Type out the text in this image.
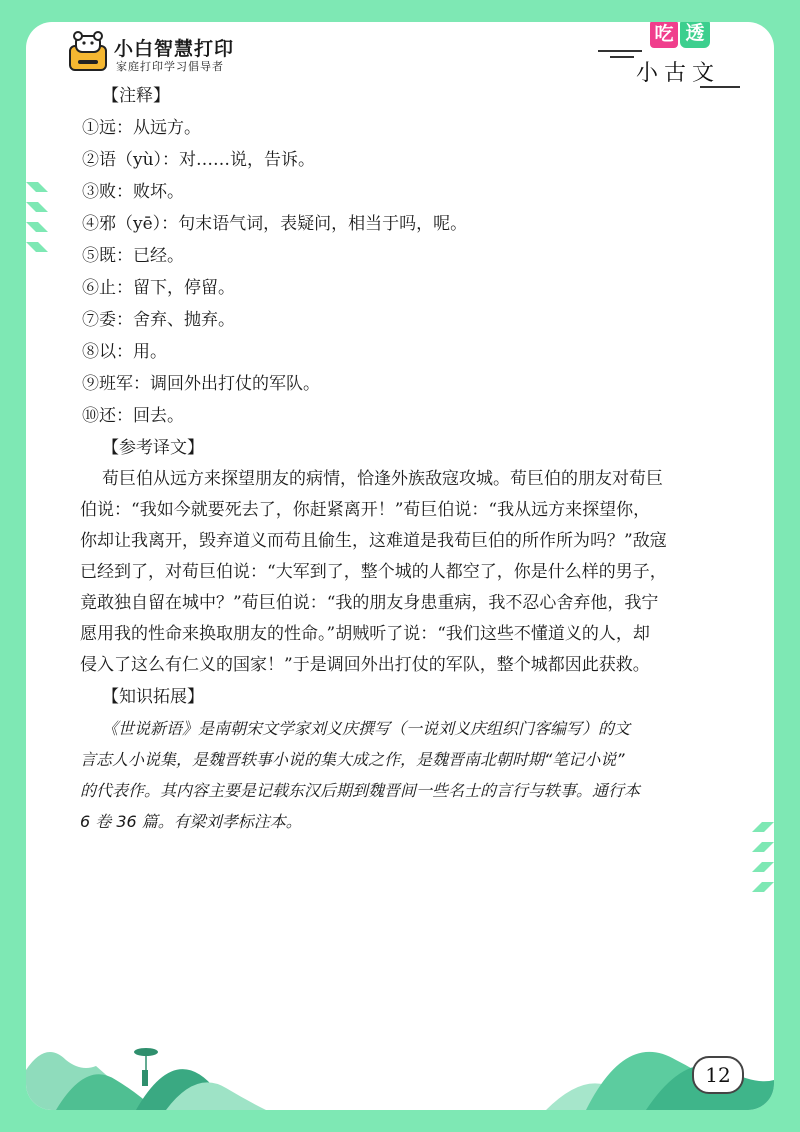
小白智慧打印
家庭打印学习倡导者
吃 透
小古文
【注释】
①远：从远方。
②语（yù）：对……说，告诉。
③败：败坏。
④邪（yē）：句末语气词，表疑问，相当于吗，呢。
⑤既：已经。
⑥止：留下，停留。
⑦委：舍弃、抛弃。
⑧以：用。
⑨班军：调回外出打仗的军队。
⑩还：回去。
【参考译文】
荀巨伯从远方来探望朋友的病情，恰逢外族敌寇攻城。荀巨伯的朋友对荀巨
伯说：“我如今就要死去了，你赶紧离开！”荀巨伯说：“我从远方来探望你，
你却让我离开，毁弃道义而苟且偷生，这难道是我荀巨伯的所作所为吗？”敌寇
已经到了，对荀巨伯说：“大军到了，整个城的人都空了，你是什么样的男子，
竟敢独自留在城中？”荀巨伯说：“我的朋友身患重病，我不忍心舍弃他，我宁
愿用我的性命来换取朋友的性命。”胡贼听了说：“我们这些不懂道义的人，却
侵入了这么有仁义的国家！”于是调回外出打仗的军队，整个城都因此获救。
【知识拓展】
《世说新语》是南朝宋文学家刘义庆撰写（一说刘义庆组织门客编写）的文
言志人小说集，是魏晋轶事小说的集大成之作，是魏晋南北朝时期“笔记小说”
的代表作。其内容主要是记载东汉后期到魏晋间一些名士的言行与轶事。通行本
6 卷 36 篇。有梁刘孝标注本。
12
